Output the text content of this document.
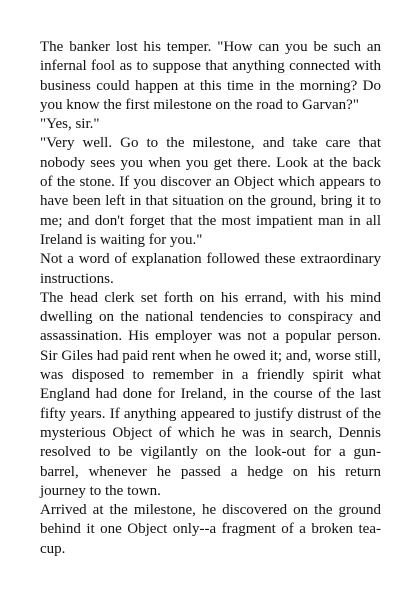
The banker lost his temper. "How can you be such an infernal fool as to suppose that anything connected with business could happen at this time in the morning? Do you know the first milestone on the road to Garvan?"

"Yes, sir."

"Very well. Go to the milestone, and take care that nobody sees you when you get there. Look at the back of the stone. If you discover an Object which appears to have been left in that situation on the ground, bring it to me; and don't forget that the most impatient man in all Ireland is waiting for you."

Not a word of explanation followed these extraordinary instructions.

The head clerk set forth on his errand, with his mind dwelling on the national tendencies to conspiracy and assassination. His employer was not a popular person. Sir Giles had paid rent when he owed it; and, worse still, was disposed to remember in a friendly spirit what England had done for Ireland, in the course of the last fifty years. If anything appeared to justify distrust of the mysterious Object of which he was in search, Dennis resolved to be vigilantly on the look-out for a gun-barrel, whenever he passed a hedge on his return journey to the town.

Arrived at the milestone, he discovered on the ground behind it one Object only--a fragment of a broken tea-cup.
